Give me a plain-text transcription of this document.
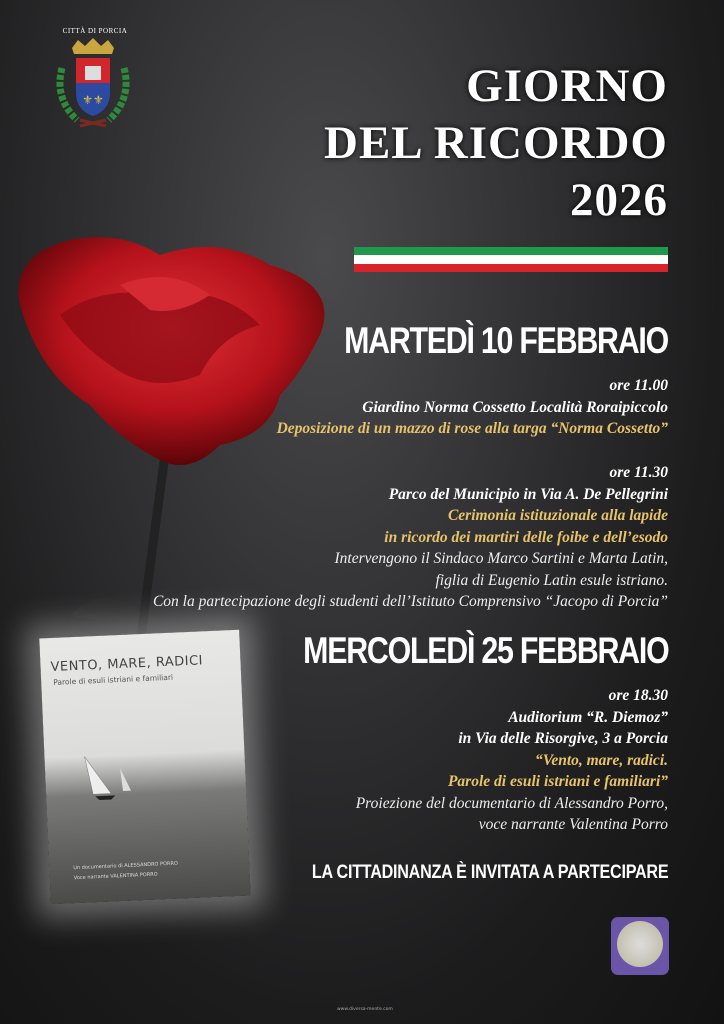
CITTÀ DI PORCIA
⚜⚜	GIORNO
DEL RICORDO
2026
MARTEDÌ 10 FEBBRAIO
ore 11.00
Giardino Norma Cossetto Località Roraipiccolo
Deposizione di un mazzo di rose alla targa “Norma Cossetto”
ore 11.30
Parco del Municipio in Via A. De Pellegrini
Cerimonia istituzionale alla lapide
in ricordo dei martiri delle foibe e dell’esodo
Intervengono il Sindaco Marco Sartini e Marta Latin,
figlia di Eugenio Latin esule istriano.
Con la partecipazione degli studenti dell’Istituto Comprensivo “Jacopo di Porcia”
MERCOLEDÌ 25 FEBBRAIO
ore 18.30
Auditorium “R. Diemoz”
in Via delle Risorgive, 3 a Porcia
“Vento, mare, radici.
Parole di esuli istriani e familiari”
Proiezione del documentario di Alessandro Porro,
voce narrante Valentina Porro
VENTO, MARE, RADICI
Parole di esuli istriani e familiari
Un documentario di ALESSANDRO PORRO
Voce narrante VALENTINA PORRO	LA CITTADINANZA È INVITATA A PARTECIPARE
www.diversa-mente.com
